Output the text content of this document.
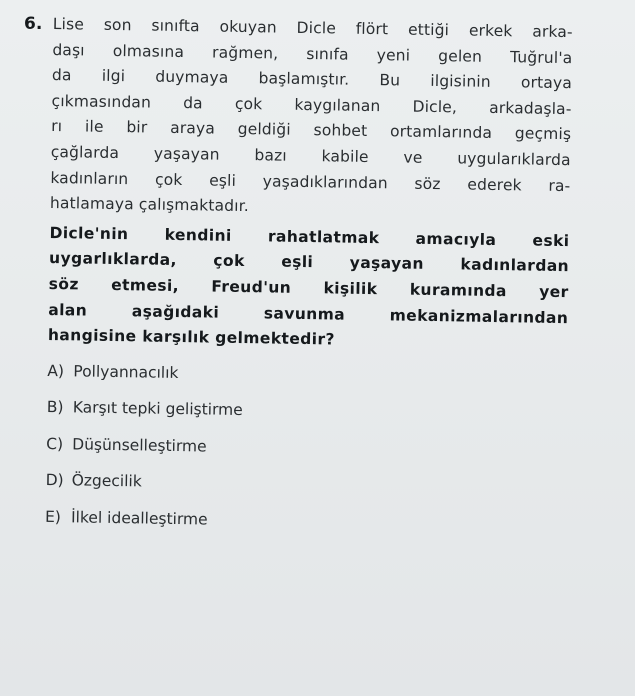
6. Lise son sınıfta okuyan Dicle flört ettiği erkek arka-
daşı olmasına rağmen, sınıfa yeni gelen Tuğrul'a
da ilgi duymaya başlamıştır. Bu ilgisinin ortaya
çıkmasından da çok kaygılanan Dicle, arkadaşla-
rı ile bir araya geldiği sohbet ortamlarında geçmiş
çağlarda yaşayan bazı kabile ve uygularıklarda
kadınların çok eşli yaşadıklarından söz ederek ra-
hatlamaya çalışmaktadır.
Dicle'nin kendini rahatlatmak amacıyla eski
uygarlıklarda, çok eşli yaşayan kadınlardan
söz etmesi, Freud'un kişilik kuramında yer
alan aşağıdaki savunma mekanizmalarından
hangisine karşılık gelmektedir?
A) Pollyannacılık
B) Karşıt tepki geliştirme
C) Düşünselleştirme
D) Özgecilik
E) İlkel idealleştirme
